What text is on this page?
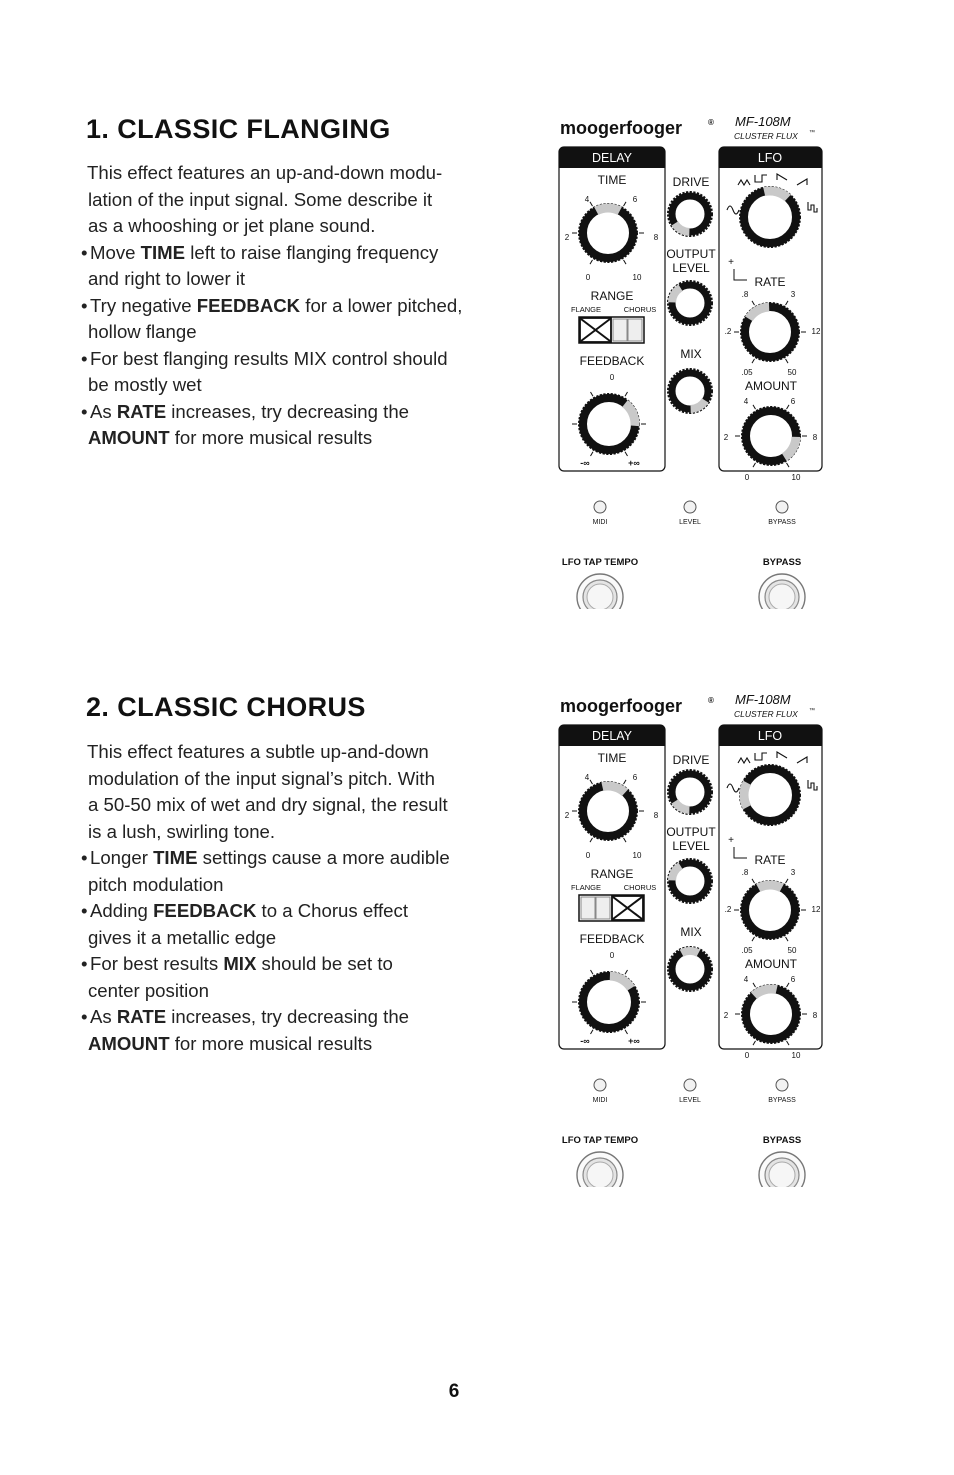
1. CLASSIC FLANGING
This effect features an up-and-down modu-
lation of the input signal. Some describe it
as a whooshing or jet plane sound.
• Move TIME left to raise flanging frequency
and right to lower it
• Try negative FEEDBACK for a lower pitched,
hollow flange
• For best flanging results MIX control should
be mostly wet
• As RATE increases, try decreasing the
AMOUNT for more musical results
moogerfooger	® MF-108M
CLUSTER FLUX ™
DELAY	LFO
TIME
4	6
2	8
0	10
RANGE
FLANGE	CHORUS
FEEDBACK
0
-∞	+∞
DRIVE
OUTPUT
LEVEL
MIX
+
RATE
.8	3
.2	12
.05	50
AMOUNT
4	6
2	8
0	10
MIDI	LEVEL	BYPASS
LFO TAP TEMPO	BYPASS
2. CLASSIC CHORUS
This effect features a subtle up-and-down
modulation of the input signal’s pitch. With
a 50-50 mix of wet and dry signal, the result
is a lush, swirling tone.
• Longer TIME settings cause a more audible
pitch modulation
• Adding FEEDBACK to a Chorus effect
gives it a metallic edge
• For best results MIX should be set to
center position
• As RATE increases, try decreasing the
AMOUNT for more musical results
moogerfooger	® MF-108M
CLUSTER FLUX ™
DELAY	LFO
TIME
4	6
2	8
0	10
RANGE
FLANGE	CHORUS
FEEDBACK
0
-∞	+∞
DRIVE
OUTPUT
LEVEL
MIX
+
RATE
.8	3
.2	12
.05	50
AMOUNT
4	6
2	8
0	10
MIDI	LEVEL	BYPASS
LFO TAP TEMPO	BYPASS
6
